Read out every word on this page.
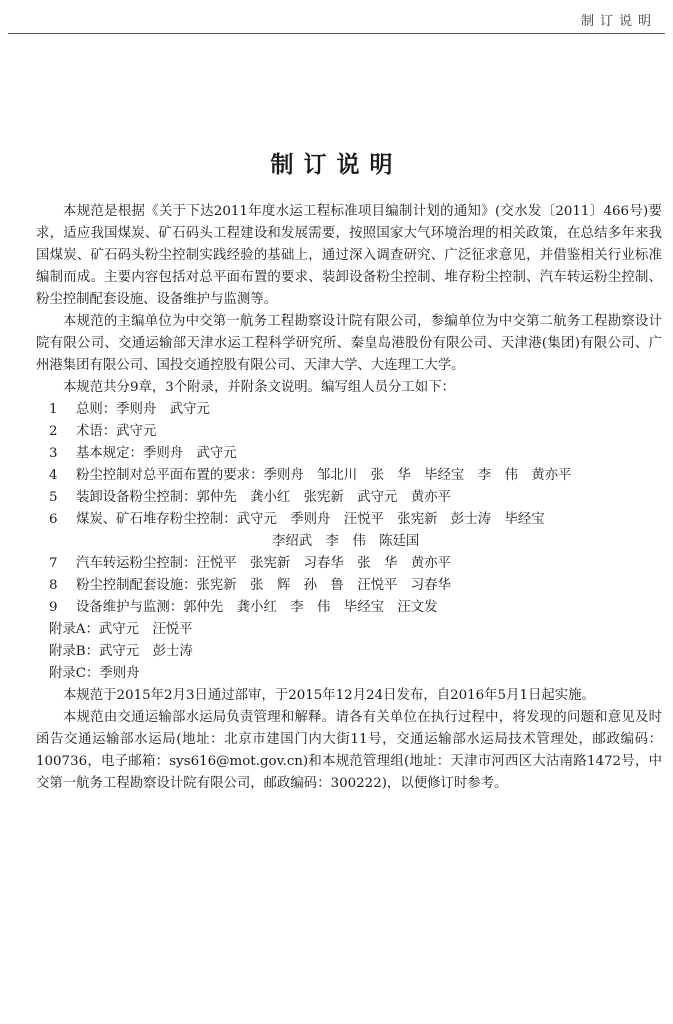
制订说明
制订说明

本规范是根据《关于下达2011年度水运工程标准项目编制计划的通知》(交水发〔2011〕466号)要求，适应我国煤炭、矿石码头工程建设和发展需要，按照国家大气环境治理的相关政策，在总结多年来我国煤炭、矿石码头粉尘控制实践经验的基础上，通过深入调查研究、广泛征求意见，并借鉴相关行业标准编制而成。主要内容包括对总平面布置的要求、装卸设备粉尘控制、堆存粉尘控制、汽车转运粉尘控制、粉尘控制配套设施、设备维护与监测等。

本规范的主编单位为中交第一航务工程勘察设计院有限公司，参编单位为中交第二航务工程勘察设计院有限公司、交通运输部天津水运工程科学研究所、秦皇岛港股份有限公司、天津港(集团)有限公司、广州港集团有限公司、国投交通控股有限公司、天津大学、大连理工大学。

本规范共分9章，3个附录，并附条文说明。编写组人员分工如下：

1	总则： 季则舟　武守元
2	术语： 武守元
3	基本规定： 季则舟　武守元
4	粉尘控制对总平面布置的要求： 季则舟　邹北川　张　华　毕经宝　李　伟　黄亦平
5	装卸设备粉尘控制： 郭仲先　龚小红　张宪新　武守元　黄亦平
6	煤炭、矿石堆存粉尘控制： 武守元　季则舟　汪悦平　张宪新　彭士涛　毕经宝
李绍武　李　伟　陈廷国
7	汽车转运粉尘控制： 汪悦平　张宪新　习春华　张　华　黄亦平
8	粉尘控制配套设施： 张宪新　张　辉　孙　鲁　汪悦平　习春华
9	设备维护与监测： 郭仲先　龚小红　李　伟　毕经宝　汪文发
附录A：武守元　汪悦平
附录B：武守元　彭士涛
附录C：季则舟

本规范于2015年2月3日通过部审，于2015年12月24日发布，自2016年5月1日起实施。

本规范由交通运输部水运局负责管理和解释。请各有关单位在执行过程中，将发现的问题和意见及时函告交通运输部水运局(地址：北京市建国门内大街11号，交通运输部水运局技术管理处，邮政编码：100736，电子邮箱：sys616@mot.gov.cn)和本规范管理组(地址：天津市河西区大沽南路1472号，中交第一航务工程勘察设计院有限公司，邮政编码：300222)，以便修订时参考。
